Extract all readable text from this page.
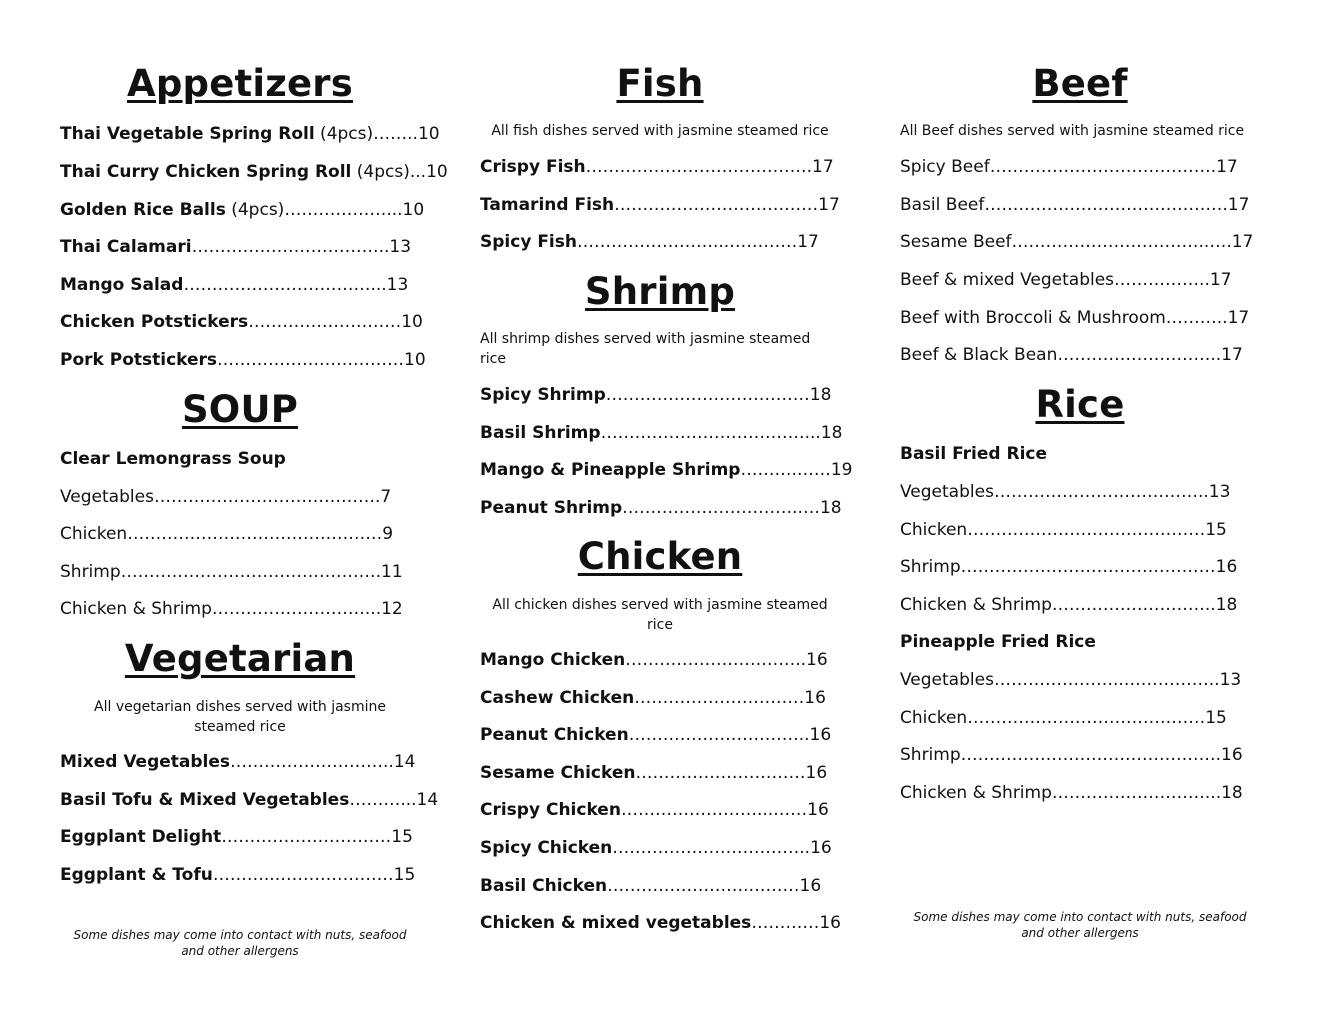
Appetizers
Thai Vegetable Spring Roll (4pcs)……..10
Thai Curry Chicken Spring Roll (4pcs)...10
Golden Rice Balls (4pcs)………………...10
Thai Calamari……………………………..13
Mango Salad……………………………...13
Chicken Potstickers………………………10
Pork Potstickers……………………………10
SOUP
Clear Lemongrass Soup
Vegetables………………………………….7
Chicken………………………………………9
Shrimp……………………………………….11
Chicken & Shrimp………………………...12
Vegetarian
All vegetarian dishes served with jasmine steamed rice
Mixed Vegetables………………………..14
Basil Tofu & Mixed Vegetables………...14
Eggplant Delight…………………………15
Eggplant & Tofu………..…………………15
Some dishes may come into contact with nuts, seafood and other allergens
Fish
All fish dishes served with jasmine steamed rice
Crispy Fish………………………………….17
Tamarind Fish………………………………17
Spicy Fish……………………...…………17
Shrimp
All shrimp dishes served with jasmine steamed rice
Spicy Shrimp………………………………18
Basil Shrimp………………………………...18
Mango & Pineapple Shrimp……….……19
Peanut Shrimp…………………………..…18
Chicken
All chicken dishes served with jasmine steamed rice
Mango Chicken…………………………..16
Cashew Chicken…………………………16
Peanut Chicken…………………………..16
Sesame Chicken…………………………16
Crispy Chicken……………………...……16
Spicy Chicken……………………………..16
Basil Chicken…………………….………16
Chicken & mixed vegetables…………16
Beef
All Beef dishes served with jasmine steamed rice
Spicy Beef………………………………….17
Basil Beef…………………………………….17
Sesame Beef……………………………..….17
Beef & mixed Vegetables……………..17
Beef with Broccoli & Mushroom………..17
Beef & Black Bean………………………..17
Rice
Basil Fried Rice
Vegetables………………………………..13
Chicken……………………………………15
Shrimp………………………………………16
Chicken & Shrimp………………………..18
Pineapple Fried Rice
Vegetables…………………..……………..13
Chicken……………………………………15
Shrimp……………………………………….16
Chicken & Shrimp………………………...18
Some dishes may come into contact with nuts, seafood and other allergens
